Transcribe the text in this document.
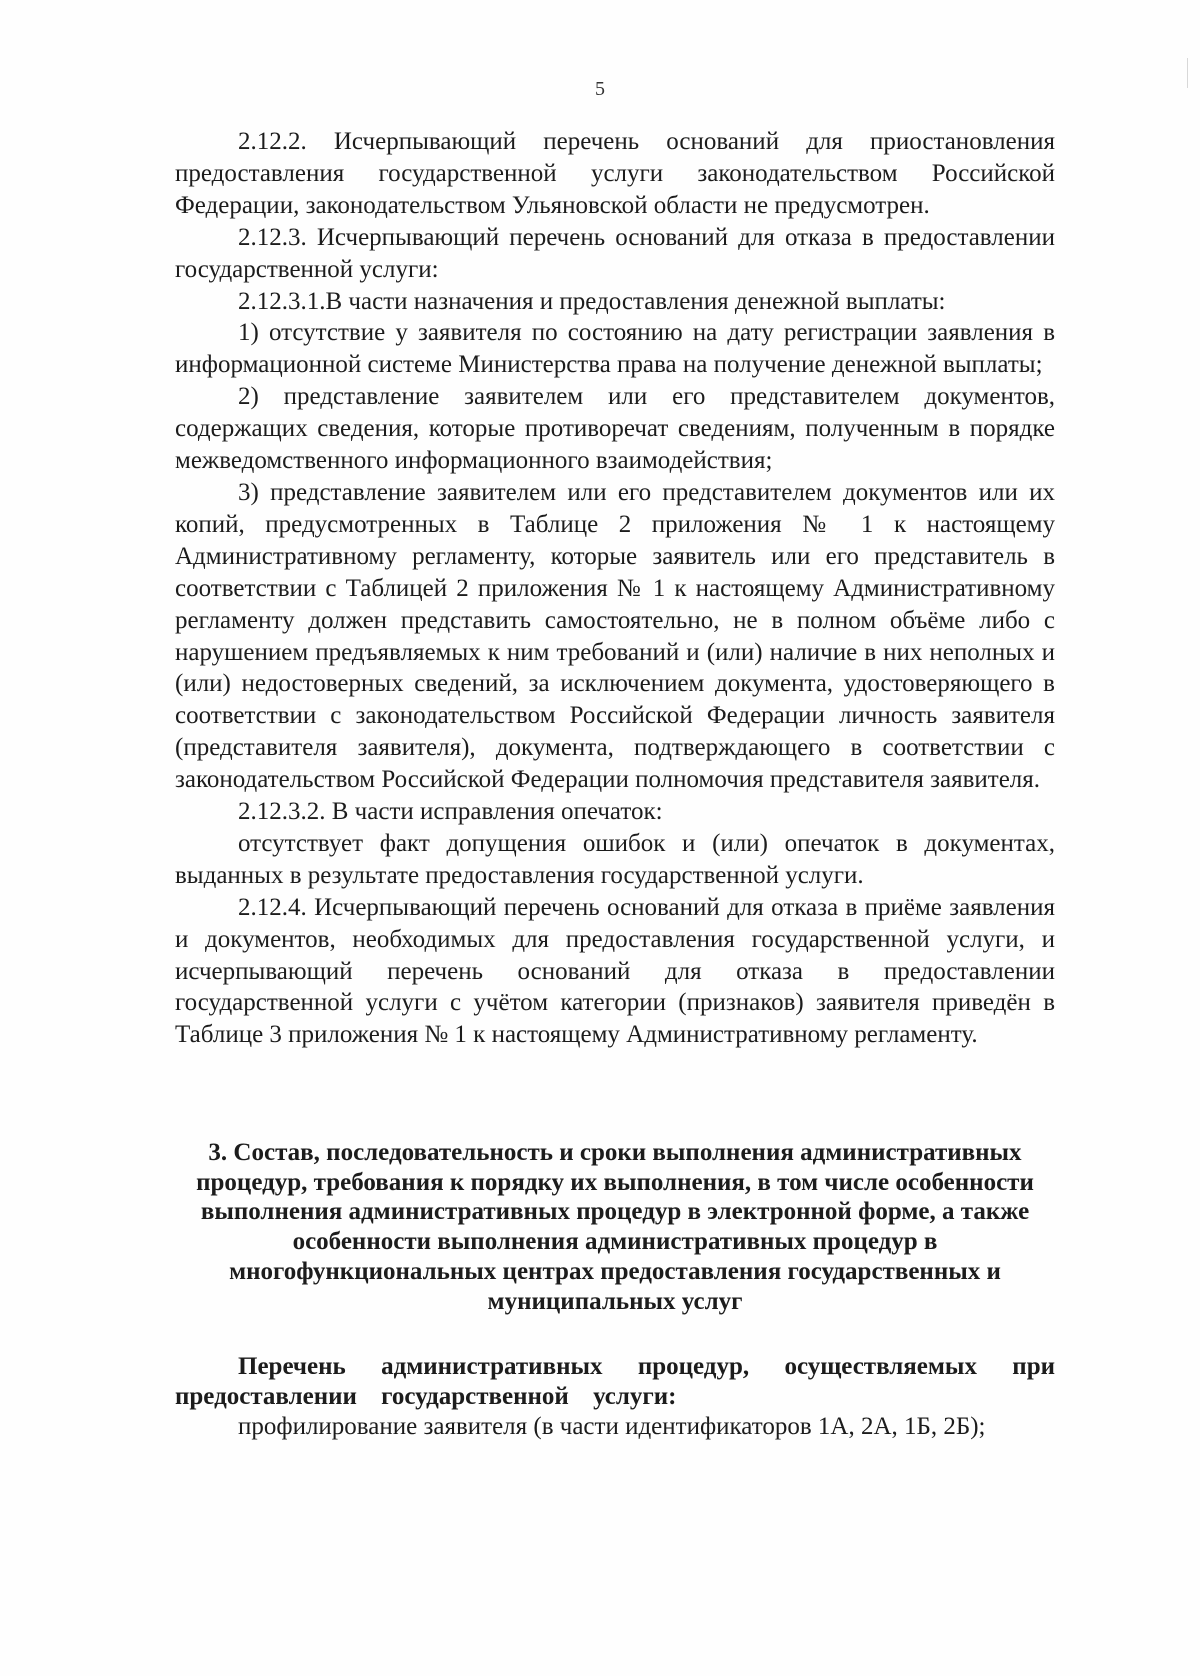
5

2.12.2. Исчерпывающий перечень оснований для приостановления предоставления государственной услуги законодательством Российской Федерации, законодательством Ульяновской области не предусмотрен.

2.12.3. Исчерпывающий перечень оснований для отказа в предоставлении государственной услуги:

2.12.3.1.В части назначения и предоставления денежной выплаты:

1) отсутствие у заявителя по состоянию на дату регистрации заявления в информационной системе Министерства права на получение денежной выплаты;

2) представление заявителем или его представителем документов, содержащих сведения, которые противоречат сведениям, полученным в порядке межведомственного информационного взаимодействия;

3) представление заявителем или его представителем документов или их копий, предусмотренных в Таблице 2 приложения № 1 к настоящему Административному регламенту, которые заявитель или его представитель в соответствии с Таблицей 2 приложения № 1 к настоящему Административному регламенту должен представить самостоятельно, не в полном объёме либо с нарушением предъявляемых к ним требований и (или) наличие в них неполных и (или) недостоверных сведений, за исключением документа, удостоверяющего в соответствии с законодательством Российской Федерации личность заявителя (представителя заявителя), документа, подтверждающего в соответствии с законодательством Российской Федерации полномочия представителя заявителя.

2.12.3.2. В части исправления опечаток:

отсутствует факт допущения ошибок и (или) опечаток в документах, выданных в результате предоставления государственной услуги.

2.12.4. Исчерпывающий перечень оснований для отказа в приёме заявления и документов, необходимых для предоставления государственной услуги, и исчерпывающий перечень оснований для отказа в предоставлении государственной услуги с учётом категории (признаков) заявителя приведён в Таблице 3 приложения № 1 к настоящему Административному регламенту.

3. Состав, последовательность и сроки выполнения административных процедур, требования к порядку их выполнения, в том числе особенности выполнения административных процедур в электронной форме, а также особенности выполнения административных процедур в многофункциональных центрах предоставления государственных и муниципальных услуг

Перечень административных процедур, осуществляемых при предоставлении государственной услуги:

профилирование заявителя (в части идентификаторов 1А, 2А, 1Б, 2Б);
